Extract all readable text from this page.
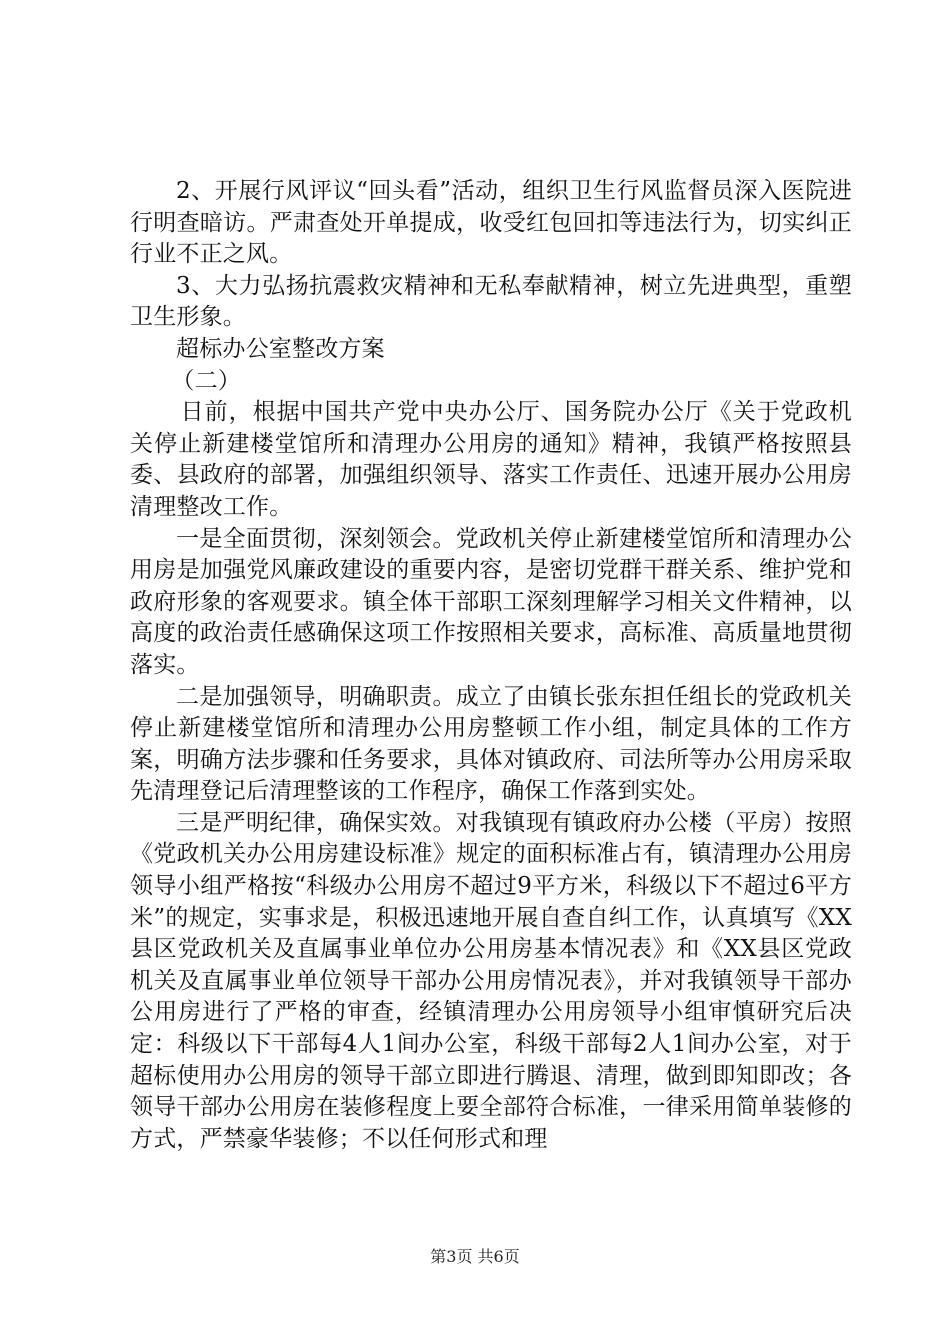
2、开展行风评议“回头看”活动，组织卫生行风监督员深入医院进行明查暗访。严肃查处开单提成，收受红包回扣等违法行为，切实纠正行业不正之风。

3、大力弘扬抗震救灾精神和无私奉献精神，树立先进典型，重塑卫生形象。

超标办公室整改方案

（二）

日前，根据中国共产党中央办公厅、国务院办公厅《关于党政机关停止新建楼堂馆所和清理办公用房的通知》精神，我镇严格按照县委、县政府的部署，加强组织领导、落实工作责任、迅速开展办公用房清理整改工作。

一是全面贯彻，深刻领会。党政机关停止新建楼堂馆所和清理办公用房是加强党风廉政建设的重要内容，是密切党群干群关系、维护党和政府形象的客观要求。镇全体干部职工深刻理解学习相关文件精神，以高度的政治责任感确保这项工作按照相关要求，高标准、高质量地贯彻落实。

二是加强领导，明确职责。成立了由镇长张东担任组长的党政机关停止新建楼堂馆所和清理办公用房整顿工作小组，制定具体的工作方案，明确方法步骤和任务要求，具体对镇政府、司法所等办公用房采取先清理登记后清理整该的工作程序，确保工作落到实处。

三是严明纪律，确保实效。对我镇现有镇政府办公楼（平房）按照《党政机关办公用房建设标准》规定的面积标准占有，镇清理办公用房领导小组严格按“科级办公用房不超过9平方米，科级以下不超过6平方米”的规定，实事求是，积极迅速地开展自查自纠工作，认真填写《XX县区党政机关及直属事业单位办公用房基本情况表》和《XX县区党政机关及直属事业单位领导干部办公用房情况表》，并对我镇领导干部办公用房进行了严格的审查，经镇清理办公用房领导小组审慎研究后决定：科级以下干部每4人1间办公室，科级干部每2人1间办公室，对于超标使用办公用房的领导干部立即进行腾退、清理，做到即知即改；各领导干部办公用房在装修程度上要全部符合标准，一律采用简单装修的方式，严禁豪华装修；不以任何形式和理

第3页 共6页
